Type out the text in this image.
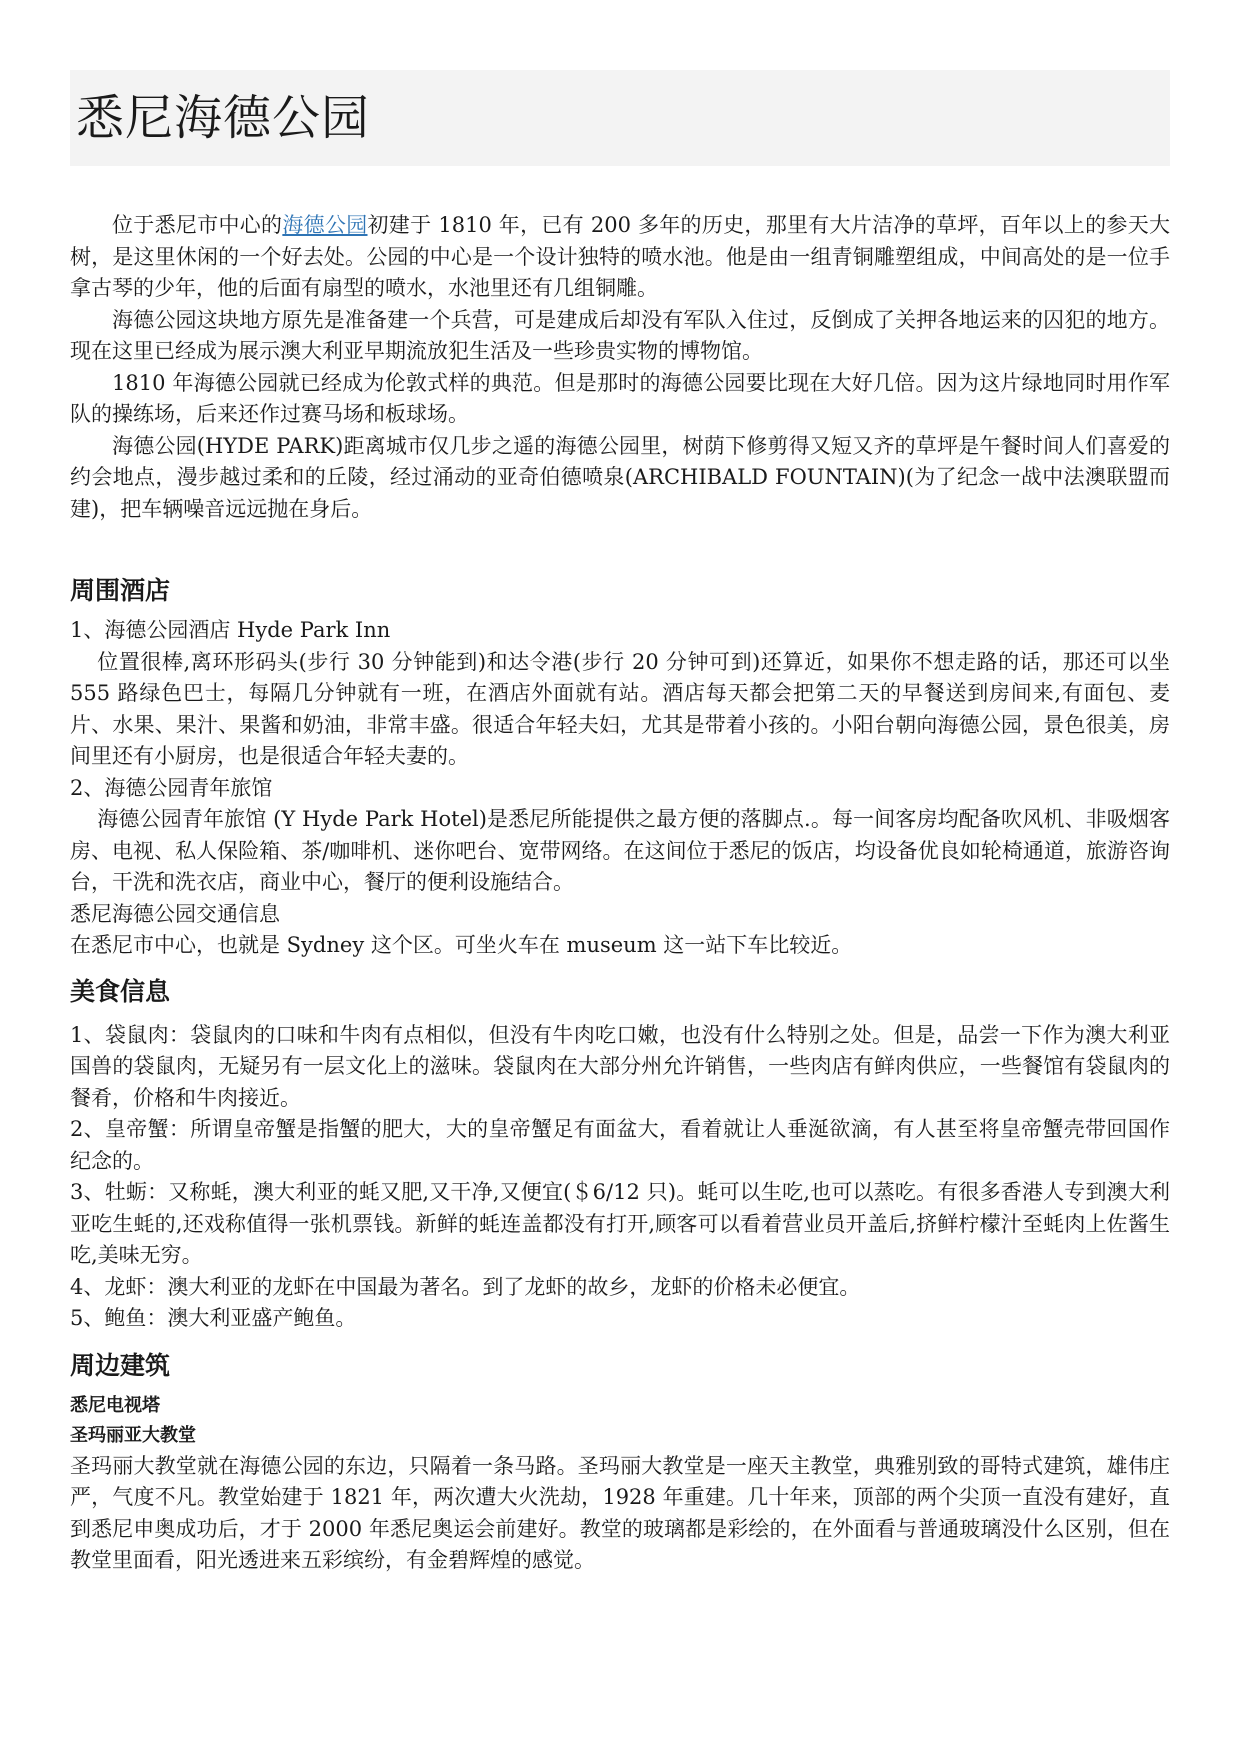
悉尼海德公园

位于悉尼市中心的海德公园初建于 1810 年，已有 200 多年的历史，那里有大片洁净的草坪，百年以上的参天大树，是这里休闲的一个好去处。公园的中心是一个设计独特的喷水池。他是由一组青铜雕塑组成，中间高处的是一位手拿古琴的少年，他的后面有扇型的喷水，水池里还有几组铜雕。

海德公园这块地方原先是准备建一个兵营，可是建成后却没有军队入住过，反倒成了关押各地运来的囚犯的地方。现在这里已经成为展示澳大利亚早期流放犯生活及一些珍贵实物的博物馆。

1810 年海德公园就已经成为伦敦式样的典范。但是那时的海德公园要比现在大好几倍。因为这片绿地同时用作军队的操练场，后来还作过赛马场和板球场。

海德公园(HYDE PARK)距离城市仅几步之遥的海德公园里，树荫下修剪得又短又齐的草坪是午餐时间人们喜爱的约会地点，漫步越过柔和的丘陵，经过涌动的亚奇伯德喷泉(ARCHIBALD FOUNTAIN)(为了纪念一战中法澳联盟而建)，把车辆噪音远远抛在身后。

周围酒店

1、海德公园酒店 Hyde Park Inn

位置很棒,离环形码头(步行 30 分钟能到)和达令港(步行 20 分钟可到)还算近，如果你不想走路的话，那还可以坐 555 路绿色巴士，每隔几分钟就有一班，在酒店外面就有站。酒店每天都会把第二天的早餐送到房间来,有面包、麦片、水果、果汁、果酱和奶油，非常丰盛。很适合年轻夫妇，尤其是带着小孩的。小阳台朝向海德公园，景色很美，房间里还有小厨房，也是很适合年轻夫妻的。

2、海德公园青年旅馆

海德公园青年旅馆 (Y Hyde Park Hotel)是悉尼所能提供之最方便的落脚点.。每一间客房均配备吹风机、非吸烟客房、电视、私人保险箱、茶/咖啡机、迷你吧台、宽带网络。在这间位于悉尼的饭店，均设备优良如轮椅通道，旅游咨询台，干洗和洗衣店，商业中心，餐厅的便利设施结合。

悉尼海德公园交通信息

在悉尼市中心，也就是 Sydney 这个区。可坐火车在 museum 这一站下车比较近。

美食信息

1、袋鼠肉：袋鼠肉的口味和牛肉有点相似，但没有牛肉吃口嫩，也没有什么特别之处。但是，品尝一下作为澳大利亚国兽的袋鼠肉，无疑另有一层文化上的滋味。袋鼠肉在大部分州允许销售，一些肉店有鲜肉供应，一些餐馆有袋鼠肉的餐肴，价格和牛肉接近。

2、皇帝蟹：所谓皇帝蟹是指蟹的肥大，大的皇帝蟹足有面盆大，看着就让人垂涎欲滴，有人甚至将皇帝蟹壳带回国作纪念的。

3、牡蛎：又称蚝，澳大利亚的蚝又肥,又干净,又便宜(＄6/12 只)。蚝可以生吃,也可以蒸吃。有很多香港人专到澳大利亚吃生蚝的,还戏称值得一张机票钱。新鲜的蚝连盖都没有打开,顾客可以看着营业员开盖后,挤鲜柠檬汁至蚝肉上佐酱生吃,美味无穷。

4、龙虾：澳大利亚的龙虾在中国最为著名。到了龙虾的故乡，龙虾的价格未必便宜。

5、鲍鱼：澳大利亚盛产鲍鱼。

周边建筑

悉尼电视塔

圣玛丽亚大教堂

圣玛丽大教堂就在海德公园的东边，只隔着一条马路。圣玛丽大教堂是一座天主教堂，典雅别致的哥特式建筑，雄伟庄严，气度不凡。教堂始建于 1821 年，两次遭大火洗劫，1928 年重建。几十年来，顶部的两个尖顶一直没有建好，直到悉尼申奥成功后，才于 2000 年悉尼奥运会前建好。教堂的玻璃都是彩绘的，在外面看与普通玻璃没什么区别，但在教堂里面看，阳光透进来五彩缤纷，有金碧辉煌的感觉。
